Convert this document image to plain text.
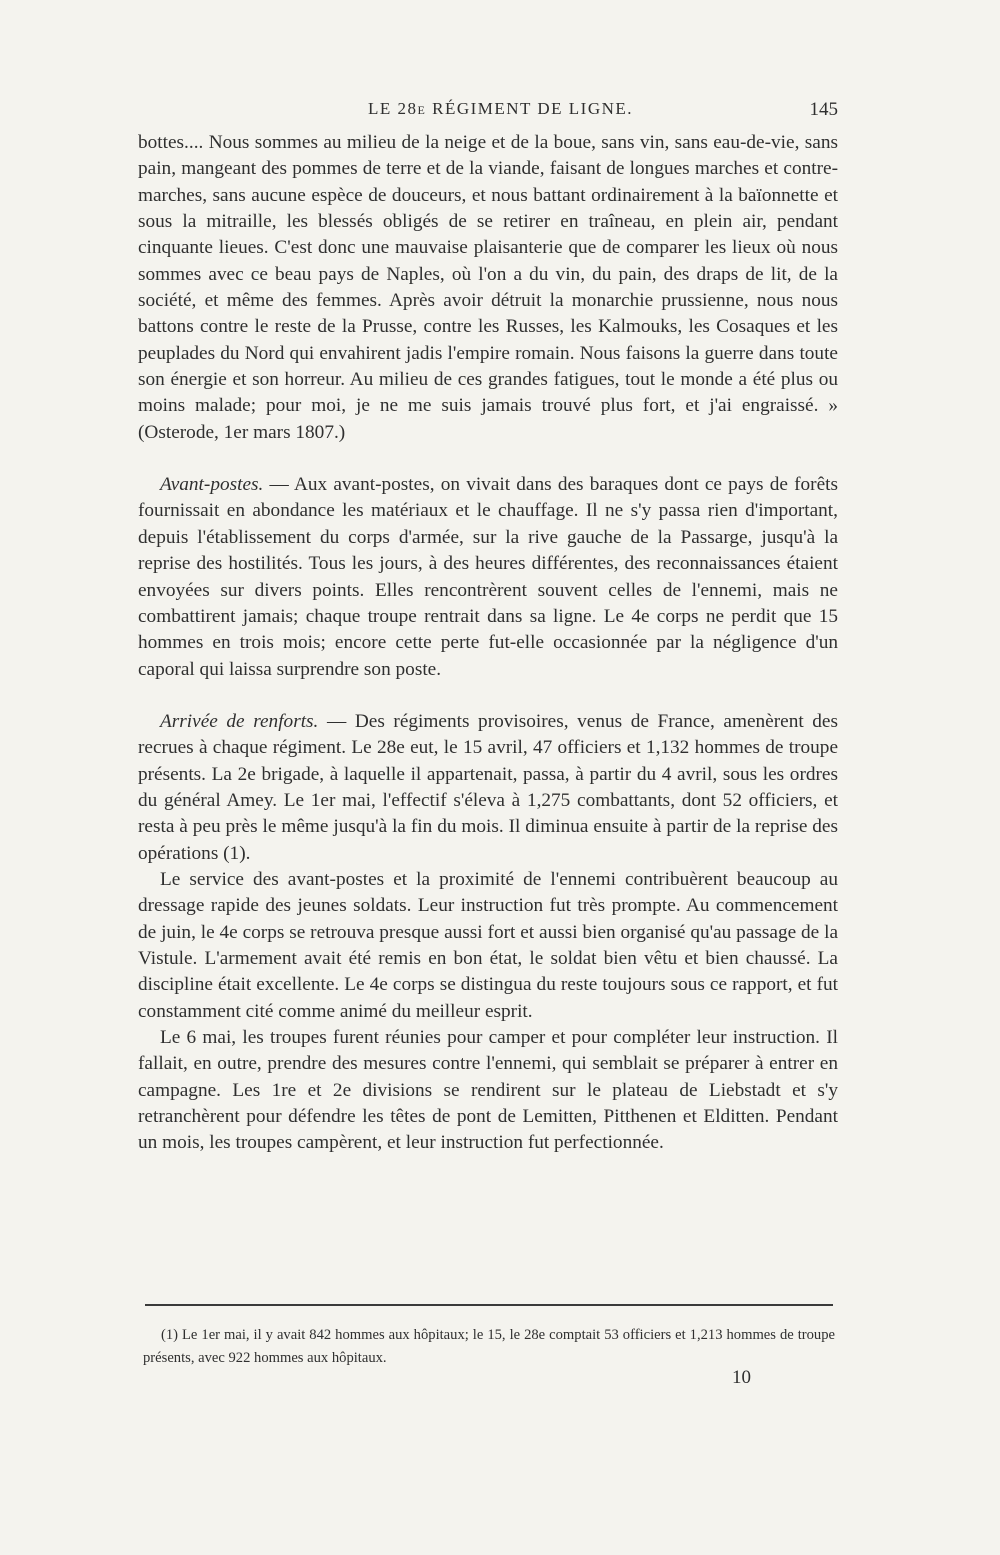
LE 28e RÉGIMENT DE LIGNE.	145

bottes.... Nous sommes au milieu de la neige et de la boue, sans vin, sans eau-de-vie, sans pain, mangeant des pommes de terre et de la viande, faisant de longues marches et contre-marches, sans aucune espèce de douceurs, et nous battant ordinairement à la baïonnette et sous la mitraille, les blessés obligés de se retirer en traîneau, en plein air, pendant cinquante lieues. C'est donc une mauvaise plaisanterie que de comparer les lieux où nous sommes avec ce beau pays de Naples, où l'on a du vin, du pain, des draps de lit, de la société, et même des femmes. Après avoir détruit la monarchie prussienne, nous nous battons contre le reste de la Prusse, contre les Russes, les Kalmouks, les Cosaques et les peuplades du Nord qui envahirent jadis l'empire romain. Nous faisons la guerre dans toute son énergie et son horreur. Au milieu de ces grandes fatigues, tout le monde a été plus ou moins malade; pour moi, je ne me suis jamais trouvé plus fort, et j'ai engraissé. » (Osterode, 1er mars 1807.)

Avant-postes. — Aux avant-postes, on vivait dans des baraques dont ce pays de forêts fournissait en abondance les matériaux et le chauffage. Il ne s'y passa rien d'important, depuis l'établissement du corps d'armée, sur la rive gauche de la Passarge, jusqu'à la reprise des hostilités. Tous les jours, à des heures différentes, des reconnaissances étaient envoyées sur divers points. Elles rencontrèrent souvent celles de l'ennemi, mais ne combattirent jamais; chaque troupe rentrait dans sa ligne. Le 4e corps ne perdit que 15 hommes en trois mois; encore cette perte fut-elle occasionnée par la négligence d'un caporal qui laissa surprendre son poste.

Arrivée de renforts. — Des régiments provisoires, venus de France, amenèrent des recrues à chaque régiment. Le 28e eut, le 15 avril, 47 officiers et 1,132 hommes de troupe présents. La 2e brigade, à laquelle il appartenait, passa, à partir du 4 avril, sous les ordres du général Amey. Le 1er mai, l'effectif s'éleva à 1,275 combattants, dont 52 officiers, et resta à peu près le même jusqu'à la fin du mois. Il diminua ensuite à partir de la reprise des opérations (1).

Le service des avant-postes et la proximité de l'ennemi contribuèrent beaucoup au dressage rapide des jeunes soldats. Leur instruction fut très prompte. Au commencement de juin, le 4e corps se retrouva presque aussi fort et aussi bien organisé qu'au passage de la Vistule. L'armement avait été remis en bon état, le soldat bien vêtu et bien chaussé. La discipline était excellente. Le 4e corps se distingua du reste toujours sous ce rapport, et fut constamment cité comme animé du meilleur esprit.

Le 6 mai, les troupes furent réunies pour camper et pour compléter leur instruction. Il fallait, en outre, prendre des mesures contre l'ennemi, qui semblait se préparer à entrer en campagne. Les 1re et 2e divisions se rendirent sur le plateau de Liebstadt et s'y retranchèrent pour défendre les têtes de pont de Lemitten, Pitthenen et Elditten. Pendant un mois, les troupes campèrent, et leur instruction fut perfectionnée.

(1) Le 1er mai, il y avait 842 hommes aux hôpitaux; le 15, le 28e comptait 53 officiers et 1,213 hommes de troupe présents, avec 922 hommes aux hôpitaux.

10
